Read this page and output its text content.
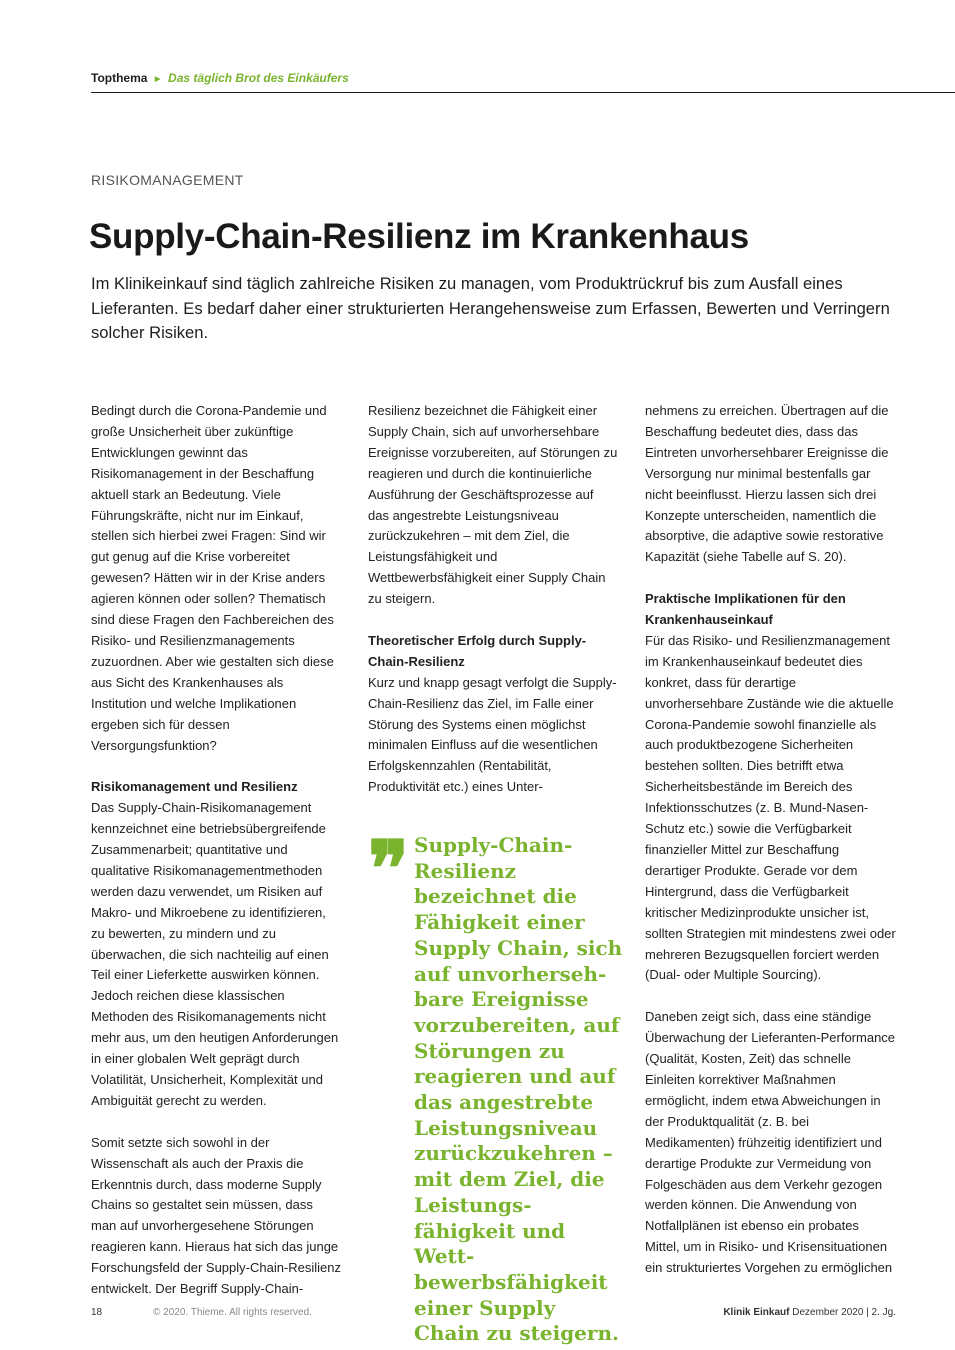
Topthema ► Das täglich Brot des Einkäufers
RISIKOMANAGEMENT
Supply-Chain-Resilienz im Krankenhaus

Im Klinikeinkauf sind täglich zahlreiche Risiken zu managen, vom Produktrückruf bis zum Ausfall eines Lieferanten. Es bedarf daher einer strukturierten Herangehensweise zum Erfassen, Bewerten und Verringern solcher Risiken.

Bedingt durch die Corona-Pandemie und große Unsicherheit über zukünftige Entwicklungen gewinnt das Risikomanagement in der Beschaffung aktuell stark an Bedeutung. Viele Führungskräfte, nicht nur im Einkauf, stellen sich hierbei zwei Fragen: Sind wir gut genug auf die Krise vorbereitet gewesen? Hätten wir in der Krise anders agieren können oder sollen? Thematisch sind diese Fragen den Fachbereichen des Risiko- und Resilienzmanagements zuzuordnen. Aber wie gestalten sich diese aus Sicht des Krankenhauses als Institution und welche Implikationen ergeben sich für dessen Versorgungsfunktion?

Risikomanagement und Resilienz

Das Supply-Chain-Risikomanagement kennzeichnet eine betriebsübergreifende Zusammenarbeit; quantitative und qualitative Risikomanagementmethoden werden dazu verwendet, um Risiken auf Makro- und Mikroebene zu identifizieren, zu bewerten, zu mindern und zu überwachen, die sich nachteilig auf einen Teil einer Lieferkette auswirken können. Jedoch reichen diese klassischen Methoden des Risikomanagements nicht mehr aus, um den heutigen Anforderungen in einer globalen Welt geprägt durch Volatilität, Unsicherheit, Komplexität und Ambiguität gerecht zu werden.

Somit setzte sich sowohl in der Wissenschaft als auch der Praxis die Erkenntnis durch, dass moderne Supply Chains so gestaltet sein müssen, dass man auf unvorhergesehene Störungen reagieren kann. Hieraus hat sich das junge Forschungsfeld der Supply-Chain-Resilienz entwickelt. Der Begriff Supply-Chain-

Resilienz bezeichnet die Fähigkeit einer Supply Chain, sich auf unvorhersehbare Ereignisse vorzubereiten, auf Störungen zu reagieren und durch die kontinuierliche Ausführung der Geschäftsprozesse auf das angestrebte Leistungsniveau zurückzukehren – mit dem Ziel, die Leistungsfähigkeit und Wettbewerbsfähigkeit einer Supply Chain zu steigern.

Theoretischer Erfolg durch Supply-Chain-Resilienz

Kurz und knapp gesagt verfolgt die Supply-Chain-Resilienz das Ziel, im Falle einer Störung des Systems einen möglichst minimalen Einfluss auf die wesentlichen Erfolgskennzahlen (Rentabilität, Produktivität etc.) eines Unter-

❞ Supply-Chain-Resilienz bezeichnet die Fähigkeit einer Supply Chain, sich auf unvorhersehbare Ereignisse vorzubereiten, auf Störungen zu reagieren und auf das angestrebte Leistungsniveau zurückzukehren – mit dem Ziel, die Leistungsfähigkeit und Wettbewerbsfähigkeit einer Supply Chain zu steigern.

nehmens zu erreichen. Übertragen auf die Beschaffung bedeutet dies, dass das Eintreten unvorhersehbarer Ereignisse die Versorgung nur minimal bestenfalls gar nicht beeinflusst. Hierzu lassen sich drei Konzepte unterscheiden, namentlich die absorptive, die adaptive sowie restorative Kapazität (siehe Tabelle auf S. 20).

Praktische Implikationen für den Krankenhauseinkauf

Für das Risiko- und Resilienzmanagement im Krankenhauseinkauf bedeutet dies konkret, dass für derartige unvorhersehbare Zustände wie die aktuelle Corona-Pandemie sowohl finanzielle als auch produktbezogene Sicherheiten bestehen sollten. Dies betrifft etwa Sicherheitsbestände im Bereich des Infektionsschutzes (z. B. Mund-Nasen-Schutz etc.) sowie die Verfügbarkeit finanzieller Mittel zur Beschaffung derartiger Produkte. Gerade vor dem Hintergrund, dass die Verfügbarkeit kritischer Medizinprodukte unsicher ist, sollten Strategien mit mindestens zwei oder mehreren Bezugsquellen forciert werden (Dual- oder Multiple Sourcing).

Daneben zeigt sich, dass eine ständige Überwachung der Lieferanten-Performance (Qualität, Kosten, Zeit) das schnelle Einleiten korrektiver Maßnahmen ermöglicht, indem etwa Abweichungen in der Produktqualität (z. B. bei Medikamenten) frühzeitig identifiziert und derartige Produkte zur Vermeidung von Folgeschäden aus dem Verkehr gezogen werden können. Die Anwendung von Notfallplänen ist ebenso ein probates Mittel, um in Risiko- und Krisensituationen ein strukturiertes Vorgehen zu ermöglichen

18	© 2020. Thieme. All rights reserved.	Klinik Einkauf Dezember 2020 | 2. Jg.
